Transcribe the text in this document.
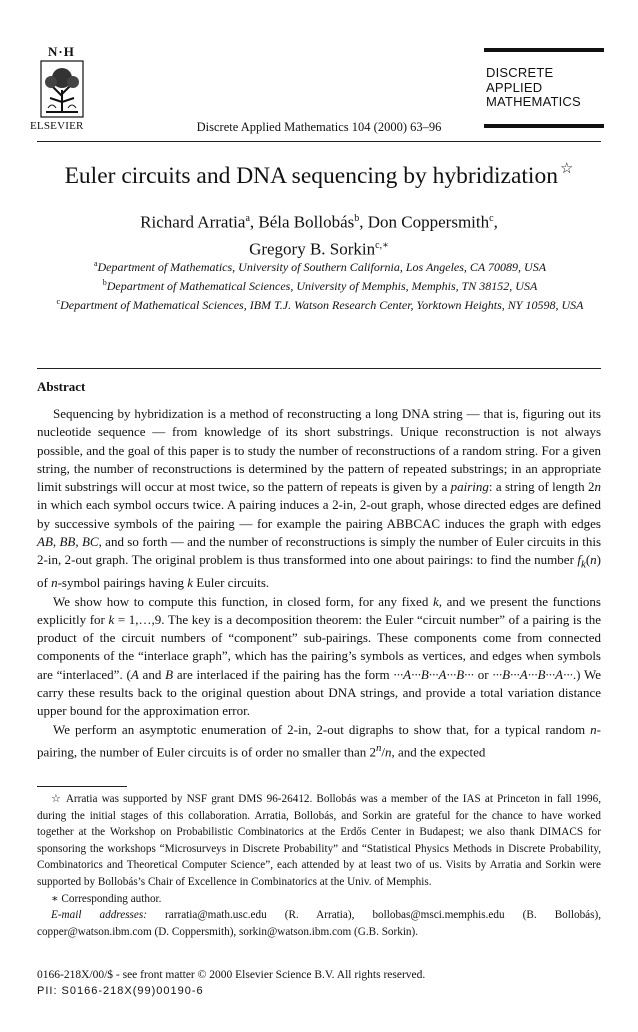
N·H
ELSEVIER	Discrete Applied Mathematics 104 (2000) 63–96
DISCRETE
APPLIED
MATHEMATICS
Euler circuits and DNA sequencing by hybridization ☆
Richard Arratia$^a$, Béla Bollobás$^b$, Don Coppersmith$^c$,
Gregory B. Sorkin$^{c,∗}$
$^a$Department of Mathematics, University of Southern California, Los Angeles, CA 70089, USA
$^b$Department of Mathematical Sciences, University of Memphis, Memphis, TN 38152, USA
$^c$Department of Mathematical Sciences, IBM T.J. Watson Research Center, Yorktown Heights, NY 10598, USA
Abstract

Sequencing by hybridization is a method of reconstructing a long DNA string — that is, figuring out its nucleotide sequence — from knowledge of its short substrings. Unique reconstruction is not always possible, and the goal of this paper is to study the number of reconstructions of a random string. For a given string, the number of reconstructions is determined by the pattern of repeated substrings; in an appropriate limit substrings will occur at most twice, so the pattern of repeats is given by a pairing: a string of length 2n in which each symbol occurs twice. A pairing induces a 2-in, 2-out graph, whose directed edges are defined by successive symbols of the pairing — for example the pairing ABBCAC induces the graph with edges AB, BB, BC, and so forth — and the number of reconstructions is simply the number of Euler circuits in this 2-in, 2-out graph. The original problem is thus transformed into one about pairings: to find the number $f_k(n)$ of n-symbol pairings having k Euler circuits.

We show how to compute this function, in closed form, for any fixed k, and we present the functions explicitly for k = 1,…,9. The key is a decomposition theorem: the Euler “circuit number” of a pairing is the product of the circuit numbers of “component” sub-pairings. These components come from connected components of the “interlace graph”, which has the pairing’s symbols as vertices, and edges when symbols are “interlaced”. (A and B are interlaced if the pairing has the form ···A···B···A···B··· or ···B···A···B···A···.) We carry these results back to the original question about DNA strings, and provide a total variation distance upper bound for the approximation error.

We perform an asymptotic enumeration of 2-in, 2-out digraphs to show that, for a typical random n-pairing, the number of Euler circuits is of order no smaller than 2$^n$/n, and the expected

☆ Arratia was supported by NSF grant DMS 96-26412. Bollobás was a member of the IAS at Princeton in fall 1996, during the initial stages of this collaboration. Arratia, Bollobás, and Sorkin are grateful for the chance to have worked together at the Workshop on Probabilistic Combinatorics at the Erdős Center in Budapest; we also thank DIMACS for sponsoring the workshops “Microsurveys in Discrete Probability” and “Statistical Physics Methods in Discrete Probability, Combinatorics and Theoretical Computer Science”, each attended by at least two of us. Visits by Arratia and Sorkin were supported by Bollobás’s Chair of Excellence in Combinatorics at the Univ. of Memphis.

∗ Corresponding author.

E-mail addresses: rarratia@math.usc.edu (R. Arratia), bollobas@msci.memphis.edu (B. Bollobás), copper@watson.ibm.com (D. Coppersmith), sorkin@watson.ibm.com (G.B. Sorkin).

0166-218X/00/$ - see front matter © 2000 Elsevier Science B.V. All rights reserved.
PII: S0166-218X(99)00190-6
